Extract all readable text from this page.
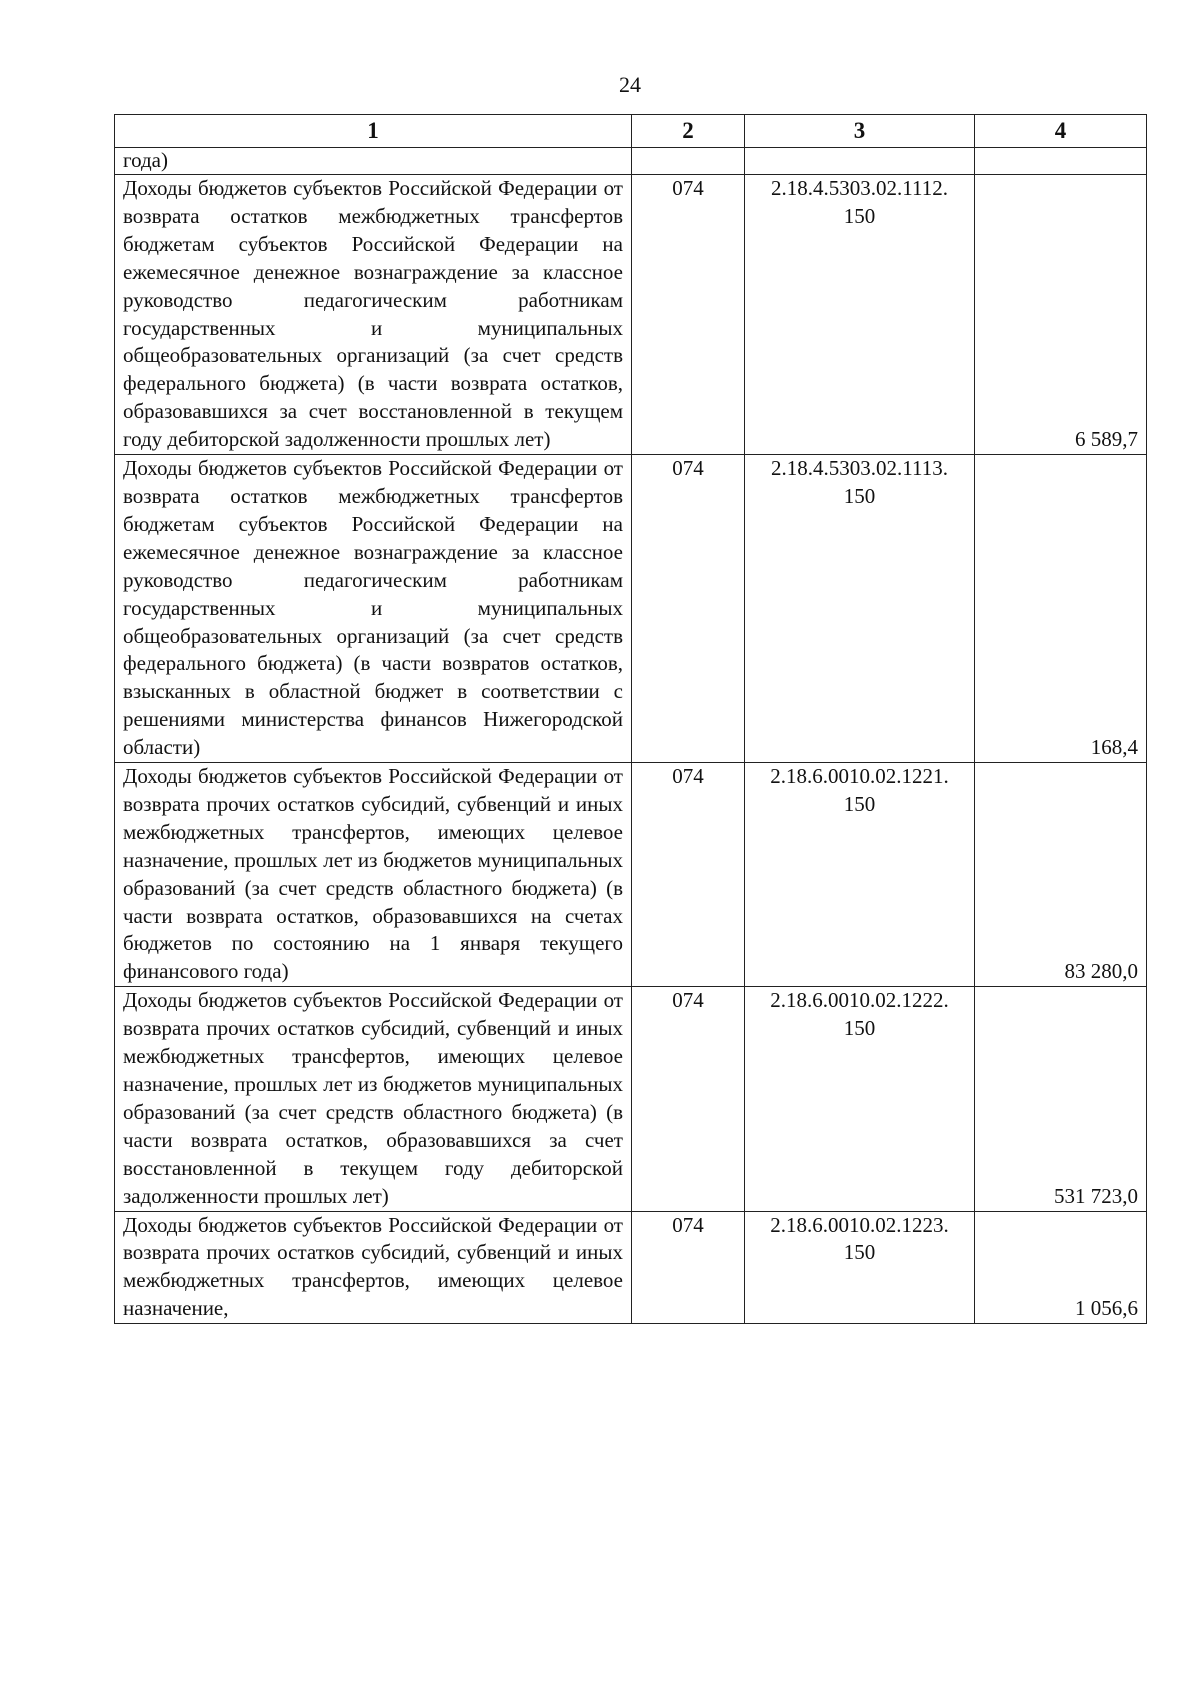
24
1	2	3	4
года)			
Доходы бюджетов субъектов Российской Федерации от возврата остатков межбюджетных трансфертов бюджетам субъектов Российской Федерации на ежемесячное денежное вознаграждение за классное руководство педагогическим работникам государственных и муниципальных общеобразовательных организаций (за счет средств федерального бюджета) (в части возврата остатков, образовавшихся за счет восстановленной в текущем году дебиторской задолженности прошлых лет)	074	2.18.4.5303.02.1112. 150	6 589,7
Доходы бюджетов субъектов Российской Федерации от возврата остатков межбюджетных трансфертов бюджетам субъектов Российской Федерации на ежемесячное денежное вознаграждение за классное руководство педагогическим работникам государственных и муниципальных общеобразовательных организаций (за счет средств федерального бюджета) (в части возвратов остатков, взысканных в областной бюджет в соответствии с решениями министерства финансов Нижегородской области)	074	2.18.4.5303.02.1113. 150	168,4
Доходы бюджетов субъектов Российской Федерации от возврата прочих остатков субсидий, субвенций и иных межбюджетных трансфертов, имеющих целевое назначение, прошлых лет из бюджетов муниципальных образований (за счет средств областного бюджета) (в части возврата остатков, образовавшихся на счетах бюджетов по состоянию на 1 января текущего финансового года)	074	2.18.6.0010.02.1221. 150	83 280,0
Доходы бюджетов субъектов Российской Федерации от возврата прочих остатков субсидий, субвенций и иных межбюджетных трансфертов, имеющих целевое назначение, прошлых лет из бюджетов муниципальных образований (за счет средств областного бюджета) (в части возврата остатков, образовавшихся за счет восстановленной в текущем году дебиторской задолженности прошлых лет)	074	2.18.6.0010.02.1222. 150	531 723,0
Доходы бюджетов субъектов Российской Федерации от возврата прочих остатков субсидий, субвенций и иных межбюджетных трансфертов, имеющих целевое назначение,	074	2.18.6.0010.02.1223. 150	1 056,6
